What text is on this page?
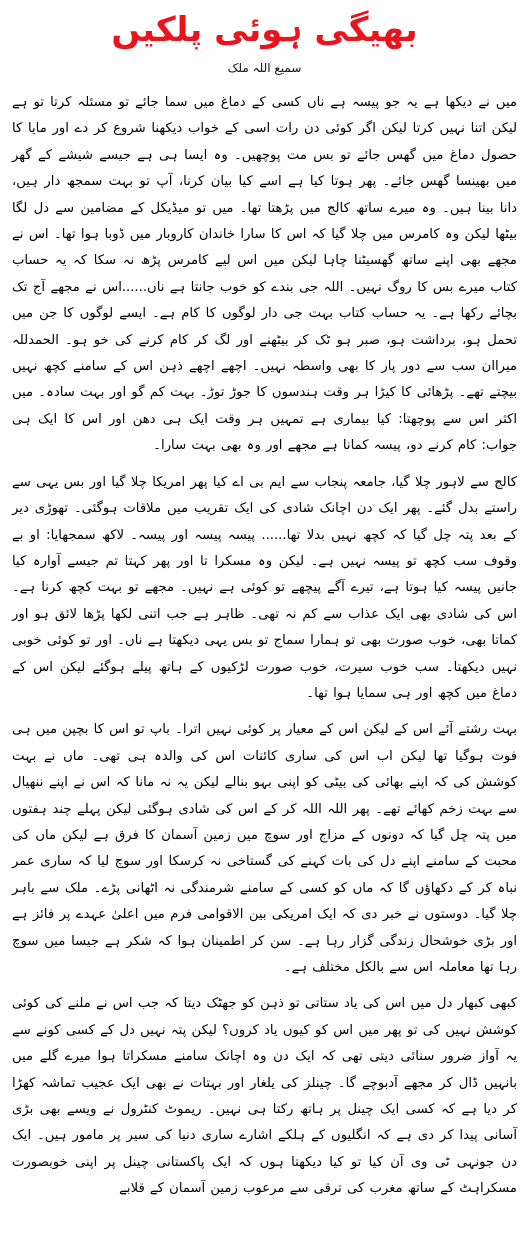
بھیگی ہوئی پلکیں
سمیع اللہ ملک

میں نے دیکھا ہے یہ جو پیسہ ہے ناں کسی کے دماغ میں سما جائے تو مسئلہ کرتا تو ہے لیکن اتنا نہیں کرتا لیکن اگر کوئی دن رات اسی کے خواب دیکھنا شروع کر دے اور مایا کا حصول دماغ میں گھس جائے تو بس مت پوچھیں۔ وہ ایسا ہی ہے جیسے شیشے کے گھر میں بھینسا گھس جائے۔ پھر ہوتا کیا ہے اسے کیا بیان کرنا، آپ تو بہت سمجھ دار ہیں، دانا بینا ہیں۔ وہ میرے ساتھ کالج میں پڑھتا تھا۔ میں تو میڈیکل کے مضامین سے دل لگا بیٹھا لیکن وہ کامرس میں چلا گیا کہ اس کا سارا خاندان کاروبار میں ڈوبا ہوا تھا۔ اس نے مجھے بھی اپنے ساتھ گھسیٹنا چاہا لیکن میں اس لیے کامرس پڑھ نہ سکا کہ یہ حساب کتاب میرے بس کا روگ نہیں۔ اللہ جی بندے کو خوب جانتا ہے ناں......اس نے مجھے آج تک بچائے رکھا ہے۔ یہ حساب کتاب بہت جی دار لوگوں کا کام ہے۔ ایسے لوگوں کا جن میں تحمل ہو، برداشت ہو، صبر ہو ٹک کر بیٹھنے اور لگ کر کام کرنے کی خو ہو۔ الحمدللہ میراان سب سے دور پار کا بھی واسطہ نہیں۔ اچھے اچھے ذہن اس کے سامنے کچھ نہیں بیچتے تھے۔ پڑھائی کا کیڑا ہر وقت ہندسوں کا جوڑ توڑ۔ بہت کم گو اور بہت سادہ۔ میں اکثر اس سے پوچھتا: کیا بیماری ہے تمہیں ہر وقت ایک ہی دھن اور اس کا ایک ہی جواب: کام کرنے دو، پیسہ کمانا ہے مجھے اور وہ بھی بہت سارا۔

کالج سے لاہور چلا گیا، جامعہ پنجاب سے ایم بی اے کیا پھر امریکا چلا گیا اور بس یہی سے راستے بدل گئے۔ پھر ایک دن اچانک شادی کی ایک تقریب میں ملاقات ہوگئی۔ تھوڑی دیر کے بعد پتہ چل گیا کہ کچھ نہیں بدلا تھا...... پیسہ پیسہ اور پیسہ۔ لاکھ سمجھایا: او بے وقوف سب کچھ تو پیسہ نہیں ہے۔ لیکن وہ مسکرا تا اور پھر کہتا تم جیسے آوارہ کیا جانیں پیسہ کیا ہوتا ہے، تیرے آگے پیچھے تو کوئی ہے نہیں۔ مجھے تو بہت کچھ کرنا ہے۔ اس کی شادی بھی ایک عذاب سے کم نہ تھی۔ ظاہر ہے جب اتنی لکھا پڑھا لائق ہو اور کماتا بھی، خوب صورت بھی تو ہمارا سماج تو بس یہی دیکھتا ہے ناں۔ اور تو کوئی خوبی نہیں دیکھتا۔ سب خوب سیرت، خوب صورت لڑکیوں کے ہاتھ پیلے ہوگئے لیکن اس کے دماغ میں کچھ اور ہی سمایا ہوا تھا۔

بہت رشتے آئے اس کے لیکن اس کے معیار پر کوئی نہیں اترا۔ باپ تو اس کا بچپن میں ہی فوت ہوگیا تھا لیکن اب اس کی ساری کائنات اس کی والدہ ہی تھی۔ ماں نے بہت کوشش کی کہ اپنے بھائی کی بیٹی کو اپنی بہو بنالے لیکن یہ نہ مانا کہ اس نے اپنے ننھیال سے بہت زخم کھائے تھے۔ پھر اللہ اللہ کر کے اس کی شادی ہوگئی لیکن پہلے چند ہفتوں میں پتہ چل گیا کہ دونوں کے مزاج اور سوچ میں زمین آسمان کا فرق ہے لیکن ماں کی محبت کے سامنے اپنے دل کی بات کہنے کی گستاخی نہ کرسکا اور سوچ لیا کہ ساری عمر نباہ کر کے دکھاؤں گا کہ ماں کو کسی کے سامنے شرمندگی نہ اٹھانی پڑے۔ ملک سے باہر چلا گیا۔ دوستوں نے خبر دی کہ ایک امریکی بین الاقوامی فرم میں اعلیٰ عہدے پر فائز ہے اور بڑی خوشحال زندگی گزار رہا ہے۔ سن کر اطمینان ہوا کہ شکر ہے جیسا میں سوچ رہا تھا معاملہ اس سے بالکل مختلف ہے۔

کبھی کبھار دل میں اس کی یاد ستاتی تو ذہن کو جھٹک دیتا کہ جب اس نے ملنے کی کوئی کوشش نہیں کی تو پھر میں اس کو کیوں یاد کروں؟ لیکن پتہ نہیں دل کے کسی کونے سے یہ آواز ضرور سنائی دیتی تھی کہ ایک دن وہ اچانک سامنے مسکراتا ہوا میرے گلے میں بانہیں ڈال کر مجھے آدبوچے گا۔ چینلز کی یلغار اور بہتات نے بھی ایک عجیب تماشہ کھڑا کر دیا ہے کہ کسی ایک چینل پر ہاتھ رکتا ہی نہیں۔ ریموٹ کنٹرول نے ویسے بھی بڑی آسانی پیدا کر دی ہے کہ انگلیوں کے ہلکے اشارے ساری دنیا کی سیر پر مامور ہیں۔ ایک دن جونہی ٹی وی آن کیا تو کیا دیکھتا ہوں کہ ایک پاکستانی چینل پر اپنی خوبصورت مسکراہٹ کے ساتھ مغرب کی ترقی سے مرعوب زمین آسمان کے قلابے
